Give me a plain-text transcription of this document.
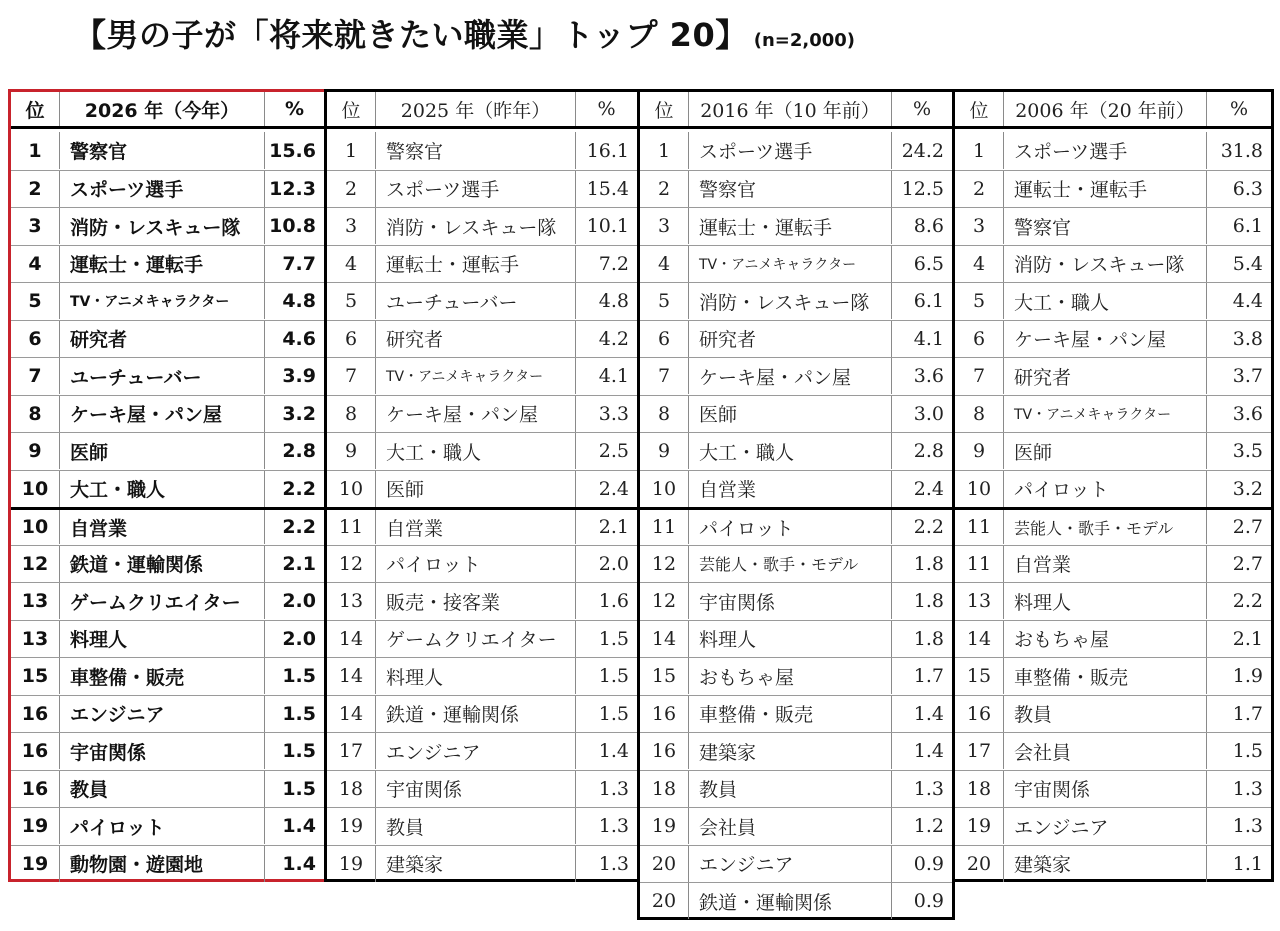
【男の子が「将来就きたい職業」トップ 20】 (n=2,000)
位	2026 年（今年）	%
1	警察官	15.6
2	スポーツ選手	12.3
3	消防・レスキュー隊	10.8
4	運転士・運転手	7.7
5	TV・アニメキャラクター	4.8
6	研究者	4.6
7	ユーチューバー	3.9
8	ケーキ屋・パン屋	3.2
9	医師	2.8
10	大工・職人	2.2
10	自営業	2.2
12	鉄道・運輸関係	2.1
13	ゲームクリエイター	2.0
13	料理人	2.0
15	車整備・販売	1.5
16	エンジニア	1.5
16	宇宙関係	1.5
16	教員	1.5
19	パイロット	1.4
19	動物園・遊園地	1.4
位	2025 年（昨年）	%
1	警察官	16.1
2	スポーツ選手	15.4
3	消防・レスキュー隊	10.1
4	運転士・運転手	7.2
5	ユーチューバー	4.8
6	研究者	4.2
7	TV・アニメキャラクター	4.1
8	ケーキ屋・パン屋	3.3
9	大工・職人	2.5
10	医師	2.4
11	自営業	2.1
12	パイロット	2.0
13	販売・接客業	1.6
14	ゲームクリエイター	1.5
14	料理人	1.5
14	鉄道・運輸関係	1.5
17	エンジニア	1.4
18	宇宙関係	1.3
19	教員	1.3
19	建築家	1.3
位	2016 年（10 年前）	%
1	スポーツ選手	24.2
2	警察官	12.5
3	運転士・運転手	8.6
4	TV・アニメキャラクター	6.5
5	消防・レスキュー隊	6.1
6	研究者	4.1
7	ケーキ屋・パン屋	3.6
8	医師	3.0
9	大工・職人	2.8
10	自営業	2.4
11	パイロット	2.2
12	芸能人・歌手・モデル	1.8
12	宇宙関係	1.8
14	料理人	1.8
15	おもちゃ屋	1.7
16	車整備・販売	1.4
16	建築家	1.4
18	教員	1.3
19	会社員	1.2
20	エンジニア	0.9
20	鉄道・運輸関係	0.9
位	2006 年（20 年前）	%
1	スポーツ選手	31.8
2	運転士・運転手	6.3
3	警察官	6.1
4	消防・レスキュー隊	5.4
5	大工・職人	4.4
6	ケーキ屋・パン屋	3.8
7	研究者	3.7
8	TV・アニメキャラクター	3.6
9	医師	3.5
10	パイロット	3.2
11	芸能人・歌手・モデル	2.7
11	自営業	2.7
13	料理人	2.2
14	おもちゃ屋	2.1
15	車整備・販売	1.9
16	教員	1.7
17	会社員	1.5
18	宇宙関係	1.3
19	エンジニア	1.3
20	建築家	1.1
